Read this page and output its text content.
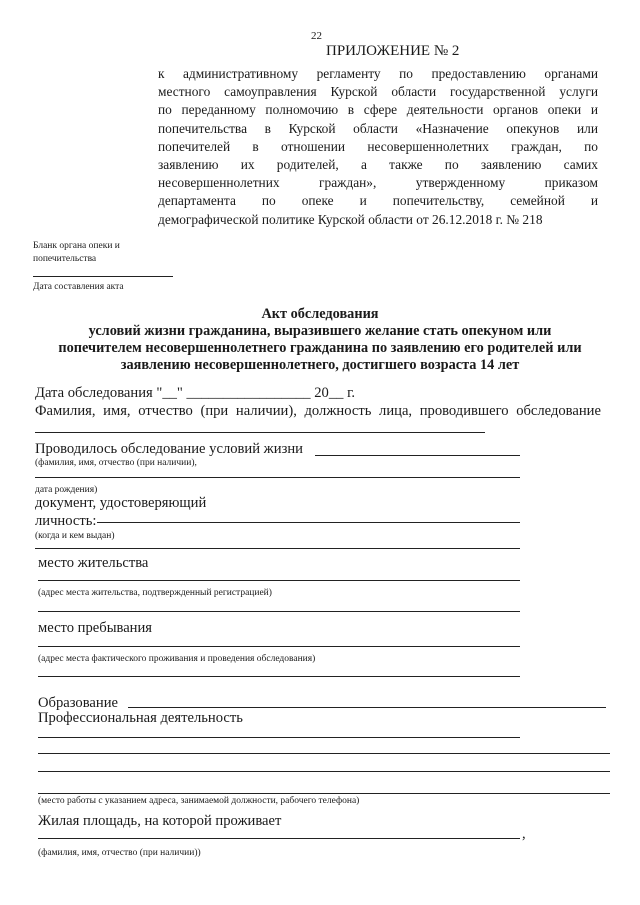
22
ПРИЛОЖЕНИЕ № 2
к административному регламенту по предоставлению органами
местного самоуправления Курской области государственной услуги
по переданному полномочию в сфере деятельности органов опеки и
попечительства в Курской области «Назначение опекунов или
попечителей в отношении несовершеннолетних граждан, по
заявлению их родителей, а также по заявлению самих
несовершеннолетних граждан», утвержденному приказом
департамента по опеке и попечительству, семейной и
демографической политике Курской области от 26.12.2018 г. № 218
Бланк органа опеки и
попечительства
Дата составления акта
Акт обследования
условий жизни гражданина, выразившего желание стать опекуном или
попечителем несовершеннолетнего гражданина по заявлению его родителей или
заявлению несовершеннолетнего, достигшего возраста 14 лет
Дата обследования "__" _________________ 20__ г.
Фамилия, имя, отчество (при наличии), должность лица, проводившего обследование
Проводилось обследование условий жизни
(фамилия, имя, отчество (при наличии),
дата рождения)
документ, удостоверяющий
личность:
(когда и кем выдан)
место жительства
(адрес места жительства, подтвержденный регистрацией)
место пребывания
(адрес места фактического проживания и проведения обследования)
Образование
Профессиональная деятельность
(место работы с указанием адреса, занимаемой должности, рабочего телефона)
Жилая площадь, на которой проживает
,
(фамилия, имя, отчество (при наличии))
